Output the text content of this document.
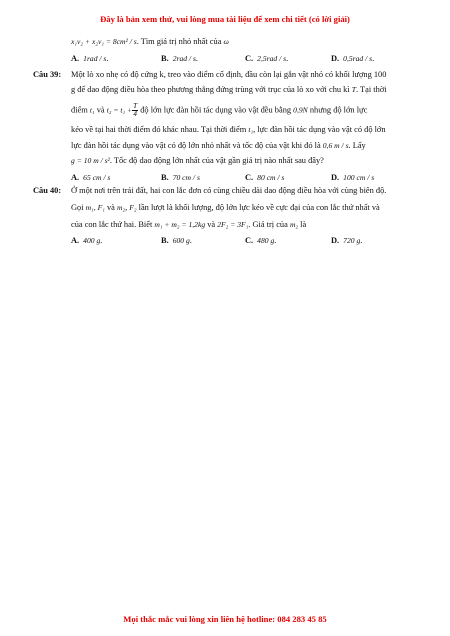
Đây là bản xem thử, vui lòng mua tài liệu để xem chi tiết (có lời giải)
x₁v₂ + x₂v₁ = 8cm² / s. Tìm giá trị nhỏ nhất của ω
A. 1rad / s.	B. 2rad / s.	C. 2,5rad / s.	D. 0,5rad / s.
Câu 39: Một lò xo nhẹ có độ cứng k, treo vào điểm cố định, đầu còn lại gắn vật nhỏ có khối lượng 100
g để dao động điều hòa theo phương thẳng đứng trùng với trục của lò xo với chu kì T. Tại thời
điểm t₁ và $t_2 = t_1 + \frac{T}{4}$ độ lớn lực đàn hồi tác dụng vào vật đều bằng 0,9N nhưng độ lớn lực
kéo về tại hai thời điểm đó khác nhau. Tại thời điểm t₁, lực đàn hồi tác dụng vào vật có độ lớn
lực đàn hồi tác dụng vào vật có độ lớn nhỏ nhất và tốc độ của vật khi đó là 0,6 m / s. Lấy
g = 10 m / s². Tốc độ dao động lớn nhất của vật gần giá trị nào nhất sau đây?
A. 65 cm / s	B. 70 cm / s	C. 80 cm / s	D. 100 cm / s
Câu 40: Ở một nơi trên trái đất, hai con lắc đơn có cùng chiều dài dao động điều hòa với cùng biên độ.
Gọi m₁, F₁ và m₂, F₂ lần lượt là khối lượng, độ lớn lực kéo về cực đại của con lắc thứ nhất và
của con lắc thứ hai. Biết m₁ + m₂ = 1,2kg và 2F₂ = 3F₁. Giá trị của m₂ là
A. 400 g.	B. 600 g.	C. 480 g.	D. 720 g.
Mọi thắc mắc vui lòng xin liên hệ hotline: 084 283 45 85
